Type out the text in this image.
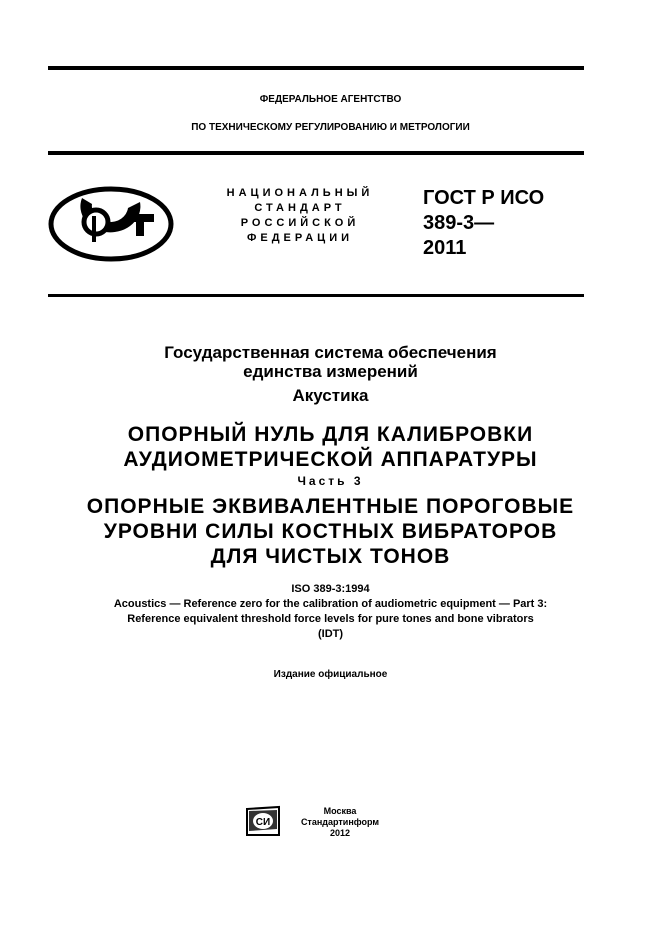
ФЕДЕРАЛЬНОЕ АГЕНТСТВО
ПО ТЕХНИЧЕСКОМУ РЕГУЛИРОВАНИЮ И МЕТРОЛОГИИ
НАЦИОНАЛЬНЫЙ
СТАНДАРТ
РОССИЙСКОЙ
ФЕДЕРАЦИИ
ГОСТ Р ИСО
389-3—
2011
Государственная система обеспечения
единства измерений
Акустика
ОПОРНЫЙ НУЛЬ ДЛЯ КАЛИБРОВКИ
АУДИОМЕТРИЧЕСКОЙ АППАРАТУРЫ
Часть 3
ОПОРНЫЕ ЭКВИВАЛЕНТНЫЕ ПОРОГОВЫЕ
УРОВНИ СИЛЫ КОСТНЫХ ВИБРАТОРОВ
ДЛЯ ЧИСТЫХ ТОНОВ
ISO 389-3:1994
Acoustics — Reference zero for the calibration of audiometric equipment — Part 3:
Reference equivalent threshold force levels for pure tones and bone vibrators
(IDT)
Издание официальное
СИ
Москва
Стандартинформ
2012
